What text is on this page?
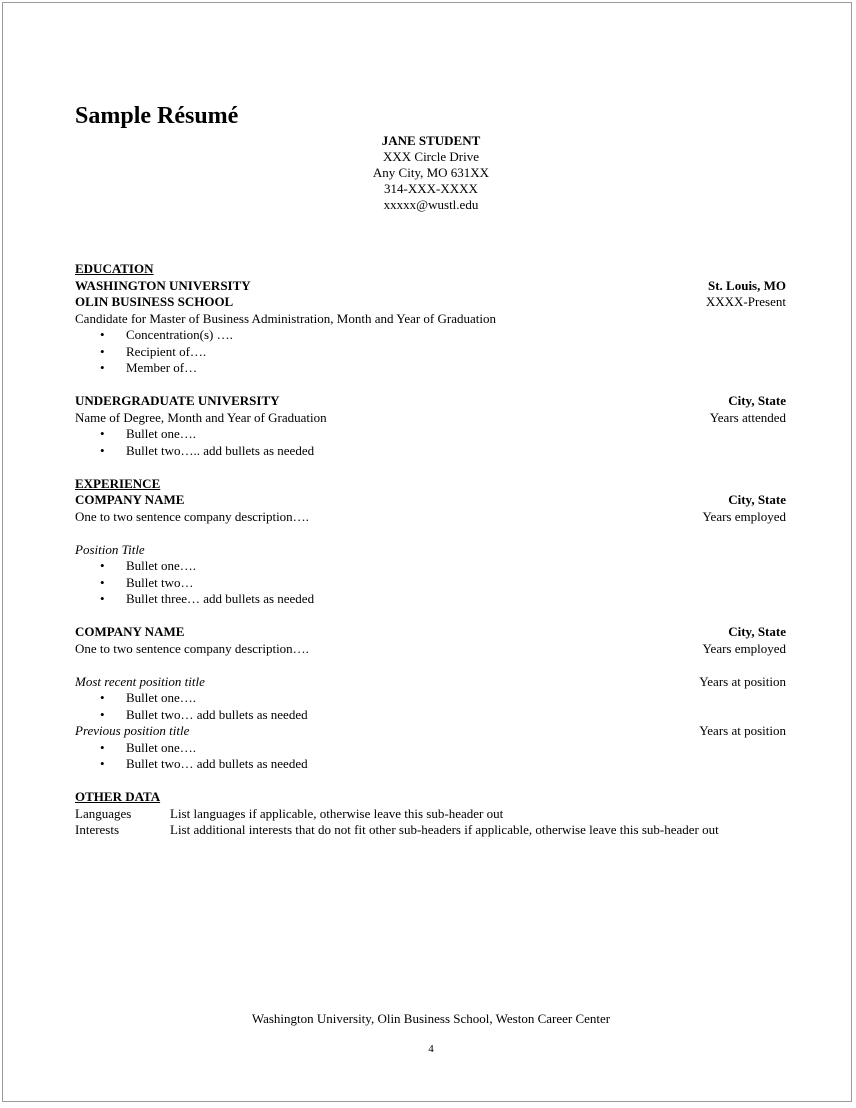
Sample Résumé
JANE STUDENT
XXX Circle Drive
Any City, MO 631XX
314-XXX-XXXX
xxxxx@wustl.edu
EDUCATION
WASHINGTON UNIVERSITY	St. Louis, MO
OLIN BUSINESS SCHOOL	XXXX-Present
Candidate for Master of Business Administration, Month and Year of Graduation
• Concentration(s) ….
• Recipient of….
• Member of…
UNDERGRADUATE UNIVERSITY	City, State
Name of Degree, Month and Year of Graduation	Years attended
• Bullet one….
• Bullet two….. add bullets as needed
EXPERIENCE
COMPANY NAME	City, State
One to two sentence company description….	Years employed
Position Title
• Bullet one….
• Bullet two…
• Bullet three… add bullets as needed
COMPANY NAME	City, State
One to two sentence company description….	Years employed
Most recent position title	Years at position
• Bullet one….
• Bullet two… add bullets as needed
Previous position title	Years at position
• Bullet one….
• Bullet two… add bullets as needed
OTHER DATA
Languages	List languages if applicable, otherwise leave this sub-header out
Interests	List additional interests that do not fit other sub-headers if applicable, otherwise leave this sub-header out
Washington University, Olin Business School, Weston Career Center
4
